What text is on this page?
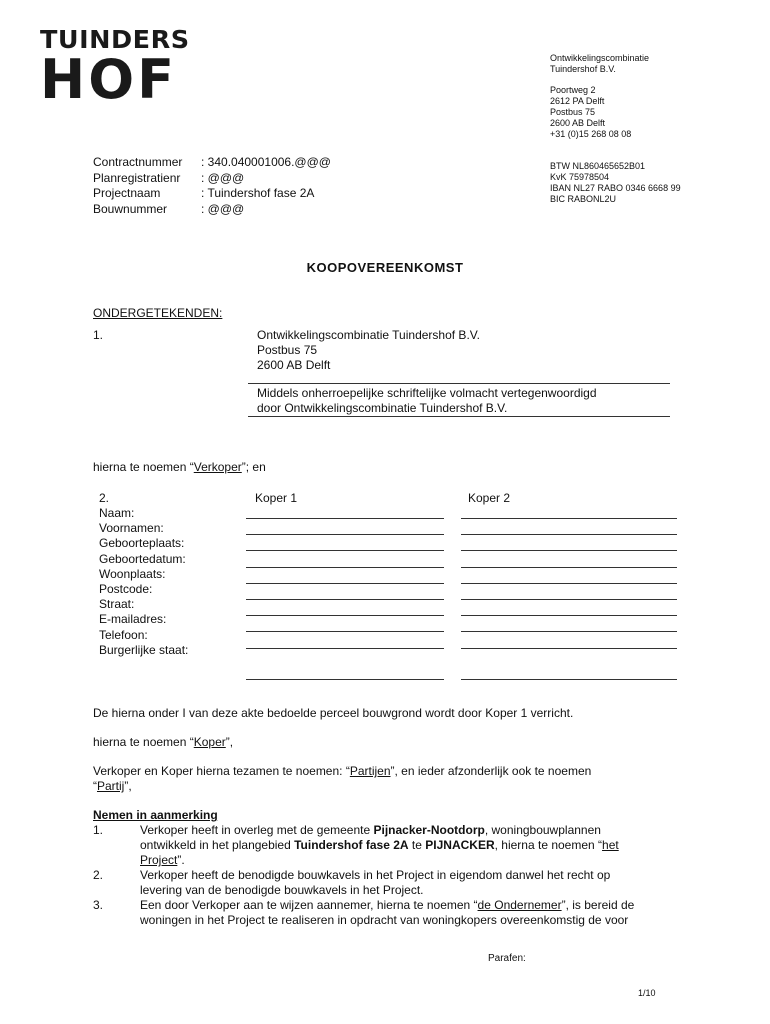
TUINDERS
HOF	Ontwikkelingscombinatie
Tuindershof B.V.
Poortweg 2
2612 PA Delft
Postbus 75
2600 AB Delft
+31 (0)15 268 08 08
BTW NL860465652B01
KvK 75978504
IBAN NL27 RABO 0346 6668 99
BIC RABONL2U
Contractnummer	: 340.040001006.@@@
Planregistratienr	: @@@
Projectnaam	: Tuindershof fase 2A
Bouwnummer	: @@@
KOOPOVEREENKOMST
ONDERGETEKENDEN:
1.	Ontwikkelingscombinatie Tuindershof B.V.
Postbus 75
2600 AB Delft
Middels onherroepelijke schriftelijke volmacht vertegenwoordigd
door Ontwikkelingscombinatie Tuindershof B.V.
hierna te noemen “Verkoper”; en
2.	Koper 1	Koper 2
Naam:
Voornamen:
Geboorteplaats:
Geboortedatum:
Woonplaats:
Postcode:
Straat:
E-mailadres:
Telefoon:
Burgerlijke staat:
De hierna onder I van deze akte bedoelde perceel bouwgrond wordt door Koper 1 verricht.
hierna te noemen “Koper”,
Verkoper en Koper hierna tezamen te noemen: “Partijen”, en ieder afzonderlijk ook te noemen
“Partij”,
Nemen in aanmerking
1.	Verkoper heeft in overleg met de gemeente Pijnacker-Nootdorp, woningbouwplannen
ontwikkeld in het plangebied Tuindershof fase 2A te PIJNACKER, hierna te noemen “het
Project”.
2.	Verkoper heeft de benodigde bouwkavels in het Project in eigendom danwel het recht op
levering van de benodigde bouwkavels in het Project.
3.	Een door Verkoper aan te wijzen aannemer, hierna te noemen “de Ondernemer”, is bereid de
woningen in het Project te realiseren in opdracht van woningkopers overeenkomstig de voor
Parafen:
1/10
